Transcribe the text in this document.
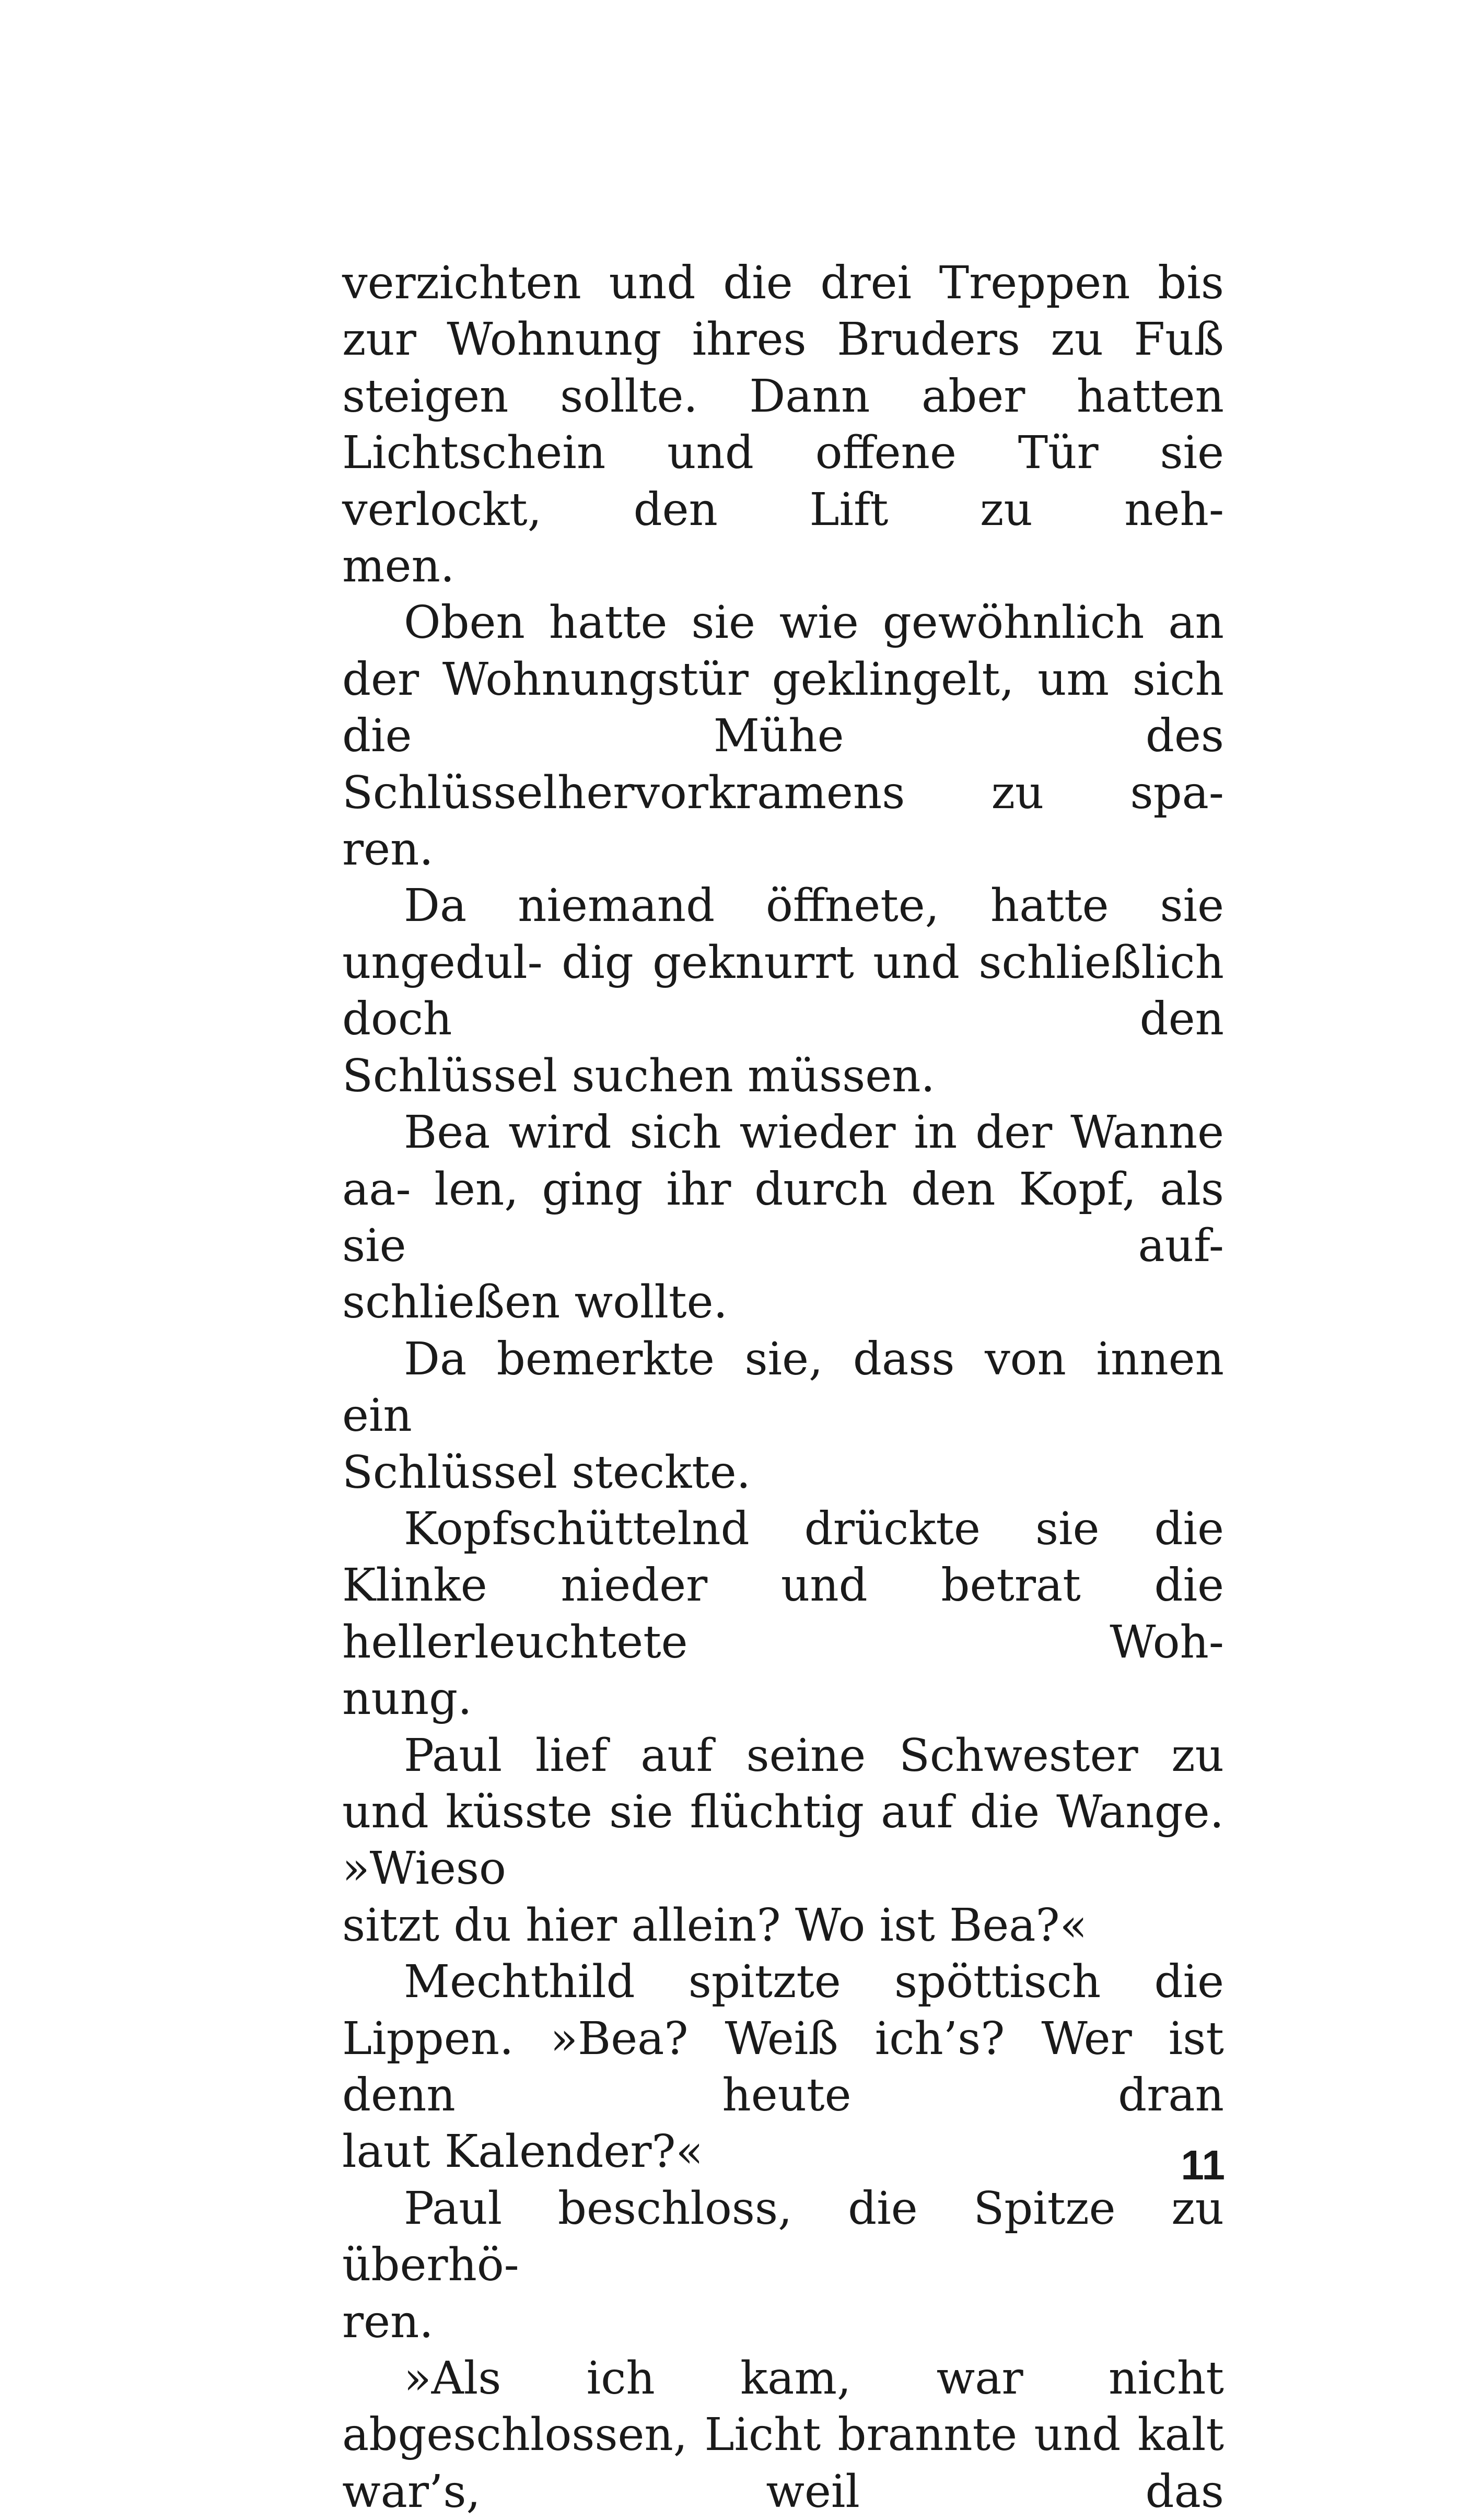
verzichten und die drei Treppen bis zur Wohnung ihres Bruders zu Fuß steigen sollte. Dann aber hatten Lichtschein und offene Tür sie verlockt, den Lift zu neh-
men.

Oben hatte sie wie gewöhnlich an der Wohnungstür geklingelt, um sich die	Mühe des Schlüsselhervorkramens zu spa-
ren.

Da niemand öffnete, hatte sie ungedul- dig geknurrt und schließlich doch den
Schlüssel suchen müssen.

Bea wird sich wieder in der Wanne aa- len, ging ihr durch den Kopf, als sie auf-
schließen wollte.

Da bemerkte sie, dass von innen ein
Schlüssel steckte.

Kopfschüttelnd drückte sie die Klinke nieder und betrat die hellerleuchtete Woh-
nung.

Paul lief auf seine Schwester zu und küsste sie flüchtig auf die Wange. »Wieso
sitzt du hier allein? Wo ist Bea?«

Mechthild spitzte spöttisch die Lippen. »Bea? Weiß ich’s? Wer ist denn heute dran
laut Kalender?«

Paul beschloss, die Spitze zu überhö-
ren.

»Als ich kam, war nicht abgeschlossen, Licht brannte und kalt war’s, weil das

11
